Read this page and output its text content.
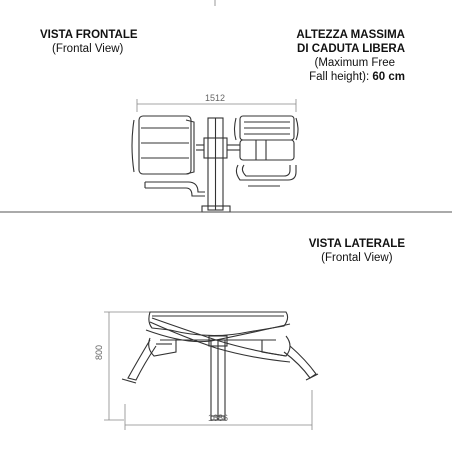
VISTA FRONTALE
(Frontal View)
1512
ALTEZZA MASSIMA
DI CADUTA LIBERA
(Maximum Free
Fall height): 60 cm
VISTA LATERALE
(Frontal View)
800
1686
